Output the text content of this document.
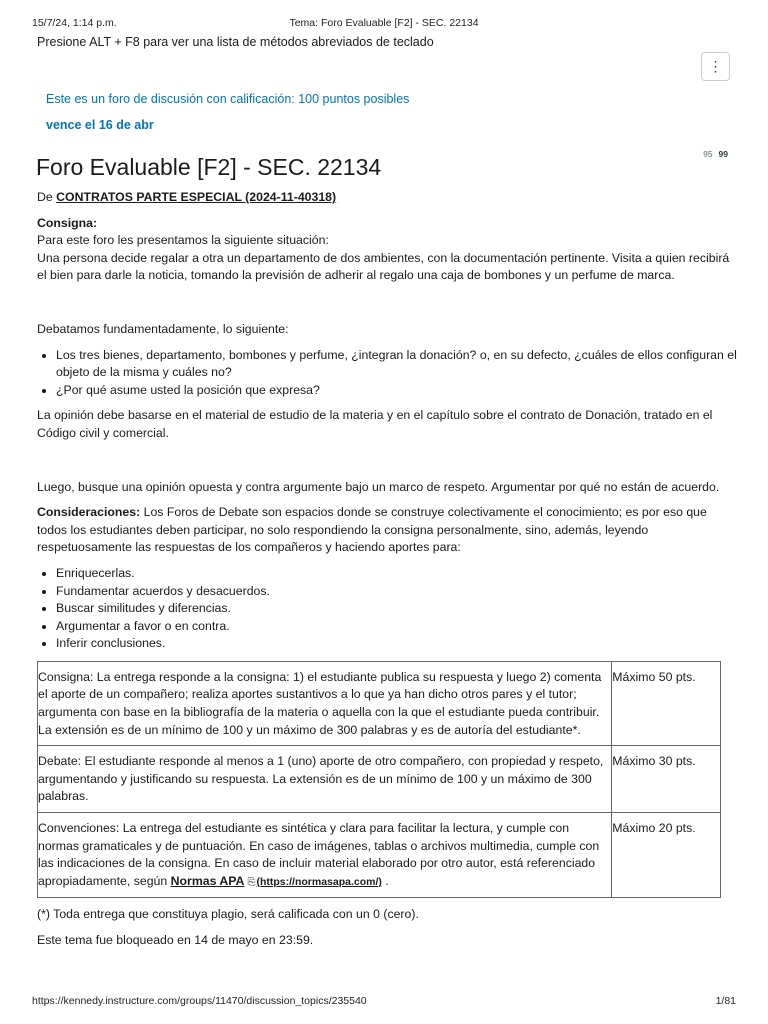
15/7/24, 1:14 p.m.	Tema: Foro Evaluable [F2] - SEC. 22134
Presione ALT + F8 para ver una lista de métodos abreviados de teclado
⋮
Este es un foro de discusión con calificación: 100 puntos posibles
vence el 16 de abr
Foro Evaluable [F2] - SEC. 22134	95 99

De CONTRATOS PARTE ESPECIAL (2024-11-40318)

Consigna:

Para este foro les presentamos la siguiente situación:

Una persona decide regalar a otra un departamento de dos ambientes, con la documentación pertinente. Visita a quien recibirá el bien para darle la noticia, tomando la previsión de adherir al regalo una caja de bombones y un perfume de marca.

Debatamos fundamentadamente, lo siguiente:

• Los tres bienes, departamento, bombones y perfume, ¿integran la donación? o, en su defecto, ¿cuáles de ellos configuran el objeto de la misma y cuáles no?
• ¿Por qué asume usted la posición que expresa?

La opinión debe basarse en el material de estudio de la materia y en el capítulo sobre el contrato de Donación, tratado en el Código civil y comercial.

Luego, busque una opinión opuesta y contra argumente bajo un marco de respeto. Argumentar por qué no están de acuerdo.

Consideraciones: Los Foros de Debate son espacios donde se construye colectivamente el conocimiento; es por eso que todos los estudiantes deben participar, no solo respondiendo la consigna personalmente, sino, además, leyendo respetuosamente las respuestas de los compañeros y haciendo aportes para:

• Enriquecerlas.
• Fundamentar acuerdos y desacuerdos.
• Buscar similitudes y diferencias.
• Argumentar a favor o en contra.
• Inferir conclusiones.
Consigna: La entrega responde a la consigna: 1) el estudiante publica su respuesta y luego 2) comenta el aporte de un compañero; realiza aportes sustantivos a lo que ya han dicho otros pares y el tutor; argumenta con base en la bibliografía de la materia o aquella con la que el estudiante pueda contribuir. La extensión es de un mínimo de 100 y un máximo de 300 palabras y es de autoría del estudiante*.	Máximo 50 pts.
Debate: El estudiante responde al menos a 1 (uno) aporte de otro compañero, con propiedad y respeto, argumentando y justificando su respuesta. La extensión es de un mínimo de 100 y un máximo de 300 palabras.	Máximo 30 pts.
Convenciones: La entrega del estudiante es sintética y clara para facilitar la lectura, y cumple con normas gramaticales y de puntuación. En caso de imágenes, tablas o archivos multimedia, cumple con las indicaciones de la consigna. En caso de incluir material elaborado por otro autor, está referenciado apropiadamente, según Normas APA ⎘(https://normasapa.com/) .	Máximo 20 pts.

(*) Toda entrega que constituya plagio, será calificada con un 0 (cero).

Este tema fue bloqueado en 14 de mayo en 23:59.

https://kennedy.instructure.com/groups/11470/discussion_topics/235540	1/81
